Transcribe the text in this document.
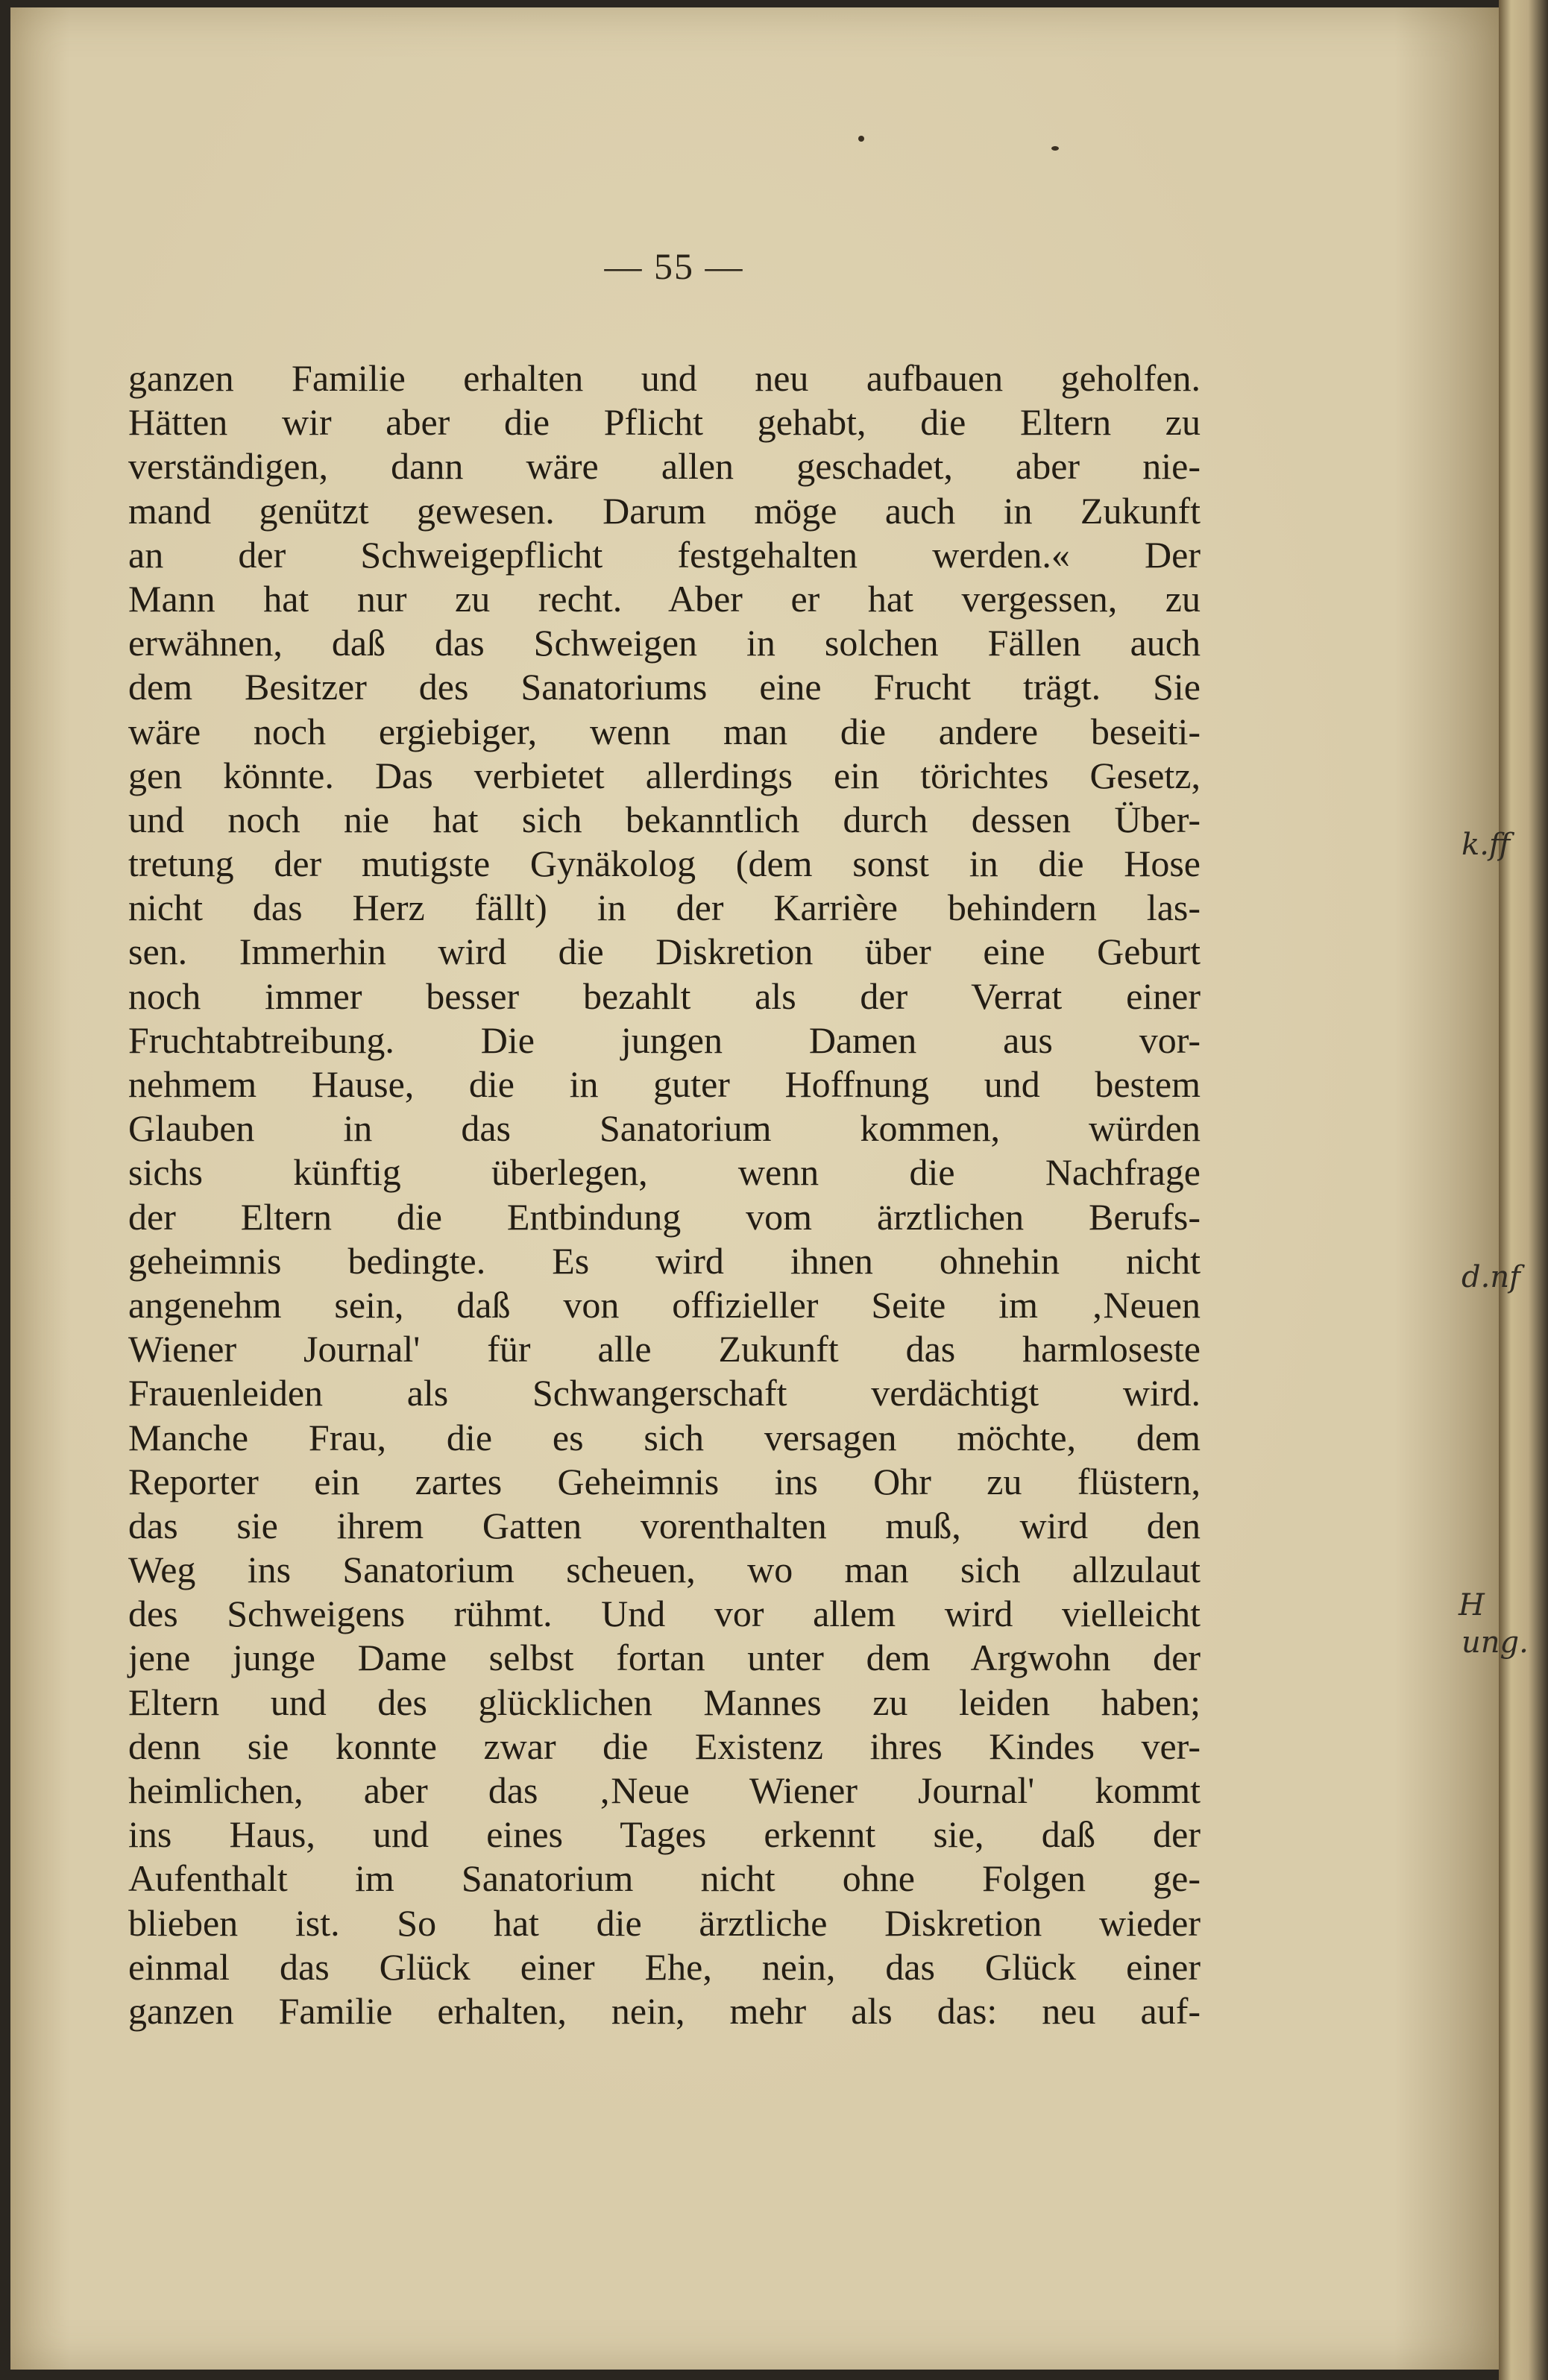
— 55 —
ganzen Familie erhalten und neu aufbauen geholfen.
Hätten wir aber die Pflicht gehabt, die Eltern zu
verständigen, dann wäre allen geschadet, aber nie-
mand genützt gewesen. Darum möge auch in Zukunft
an der Schweigepflicht festgehalten werden.« Der
Mann hat nur zu recht. Aber er hat vergessen, zu
erwähnen, daß das Schweigen in solchen Fällen auch
dem Besitzer des Sanatoriums eine Frucht trägt. Sie
wäre noch ergiebiger, wenn man die andere beseiti-
gen könnte. Das verbietet allerdings ein törichtes Gesetz,
und noch nie hat sich bekanntlich durch dessen Über-
tretung der mutigste Gynäkolog (dem sonst in die Hose
nicht das Herz fällt) in der Karrière behindern las-
sen. Immerhin wird die Diskretion über eine Geburt
noch immer besser bezahlt als der Verrat einer
Fruchtabtreibung. Die jungen Damen aus vor-
nehmem Hause, die in guter Hoffnung und bestem
Glauben in das Sanatorium kommen, würden
sichs künftig überlegen, wenn die Nachfrage
der Eltern die Entbindung vom ärztlichen Berufs-
geheimnis bedingte. Es wird ihnen ohnehin nicht
angenehm sein, daß von offizieller Seite im ‚Neuen
Wiener Journal' für alle Zukunft das harmloseste
Frauenleiden als Schwangerschaft verdächtigt wird.
Manche Frau, die es sich versagen möchte, dem
Reporter ein zartes Geheimnis ins Ohr zu flüstern,
das sie ihrem Gatten vorenthalten muß, wird den
Weg ins Sanatorium scheuen, wo man sich allzulaut
des Schweigens rühmt. Und vor allem wird vielleicht
jene junge Dame selbst fortan unter dem Argwohn der
Eltern und des glücklichen Mannes zu leiden haben;
denn sie konnte zwar die Existenz ihres Kindes ver-
heimlichen, aber das ‚Neue Wiener Journal' kommt
ins Haus, und eines Tages erkennt sie, daß der
Aufenthalt im Sanatorium nicht ohne Folgen ge-
blieben ist. So hat die ärztliche Diskretion wieder
einmal das Glück einer Ehe, nein, das Glück einer
ganzen Familie erhalten, nein, mehr als das: neu auf-
k.ff
d.nf
H
ung.
